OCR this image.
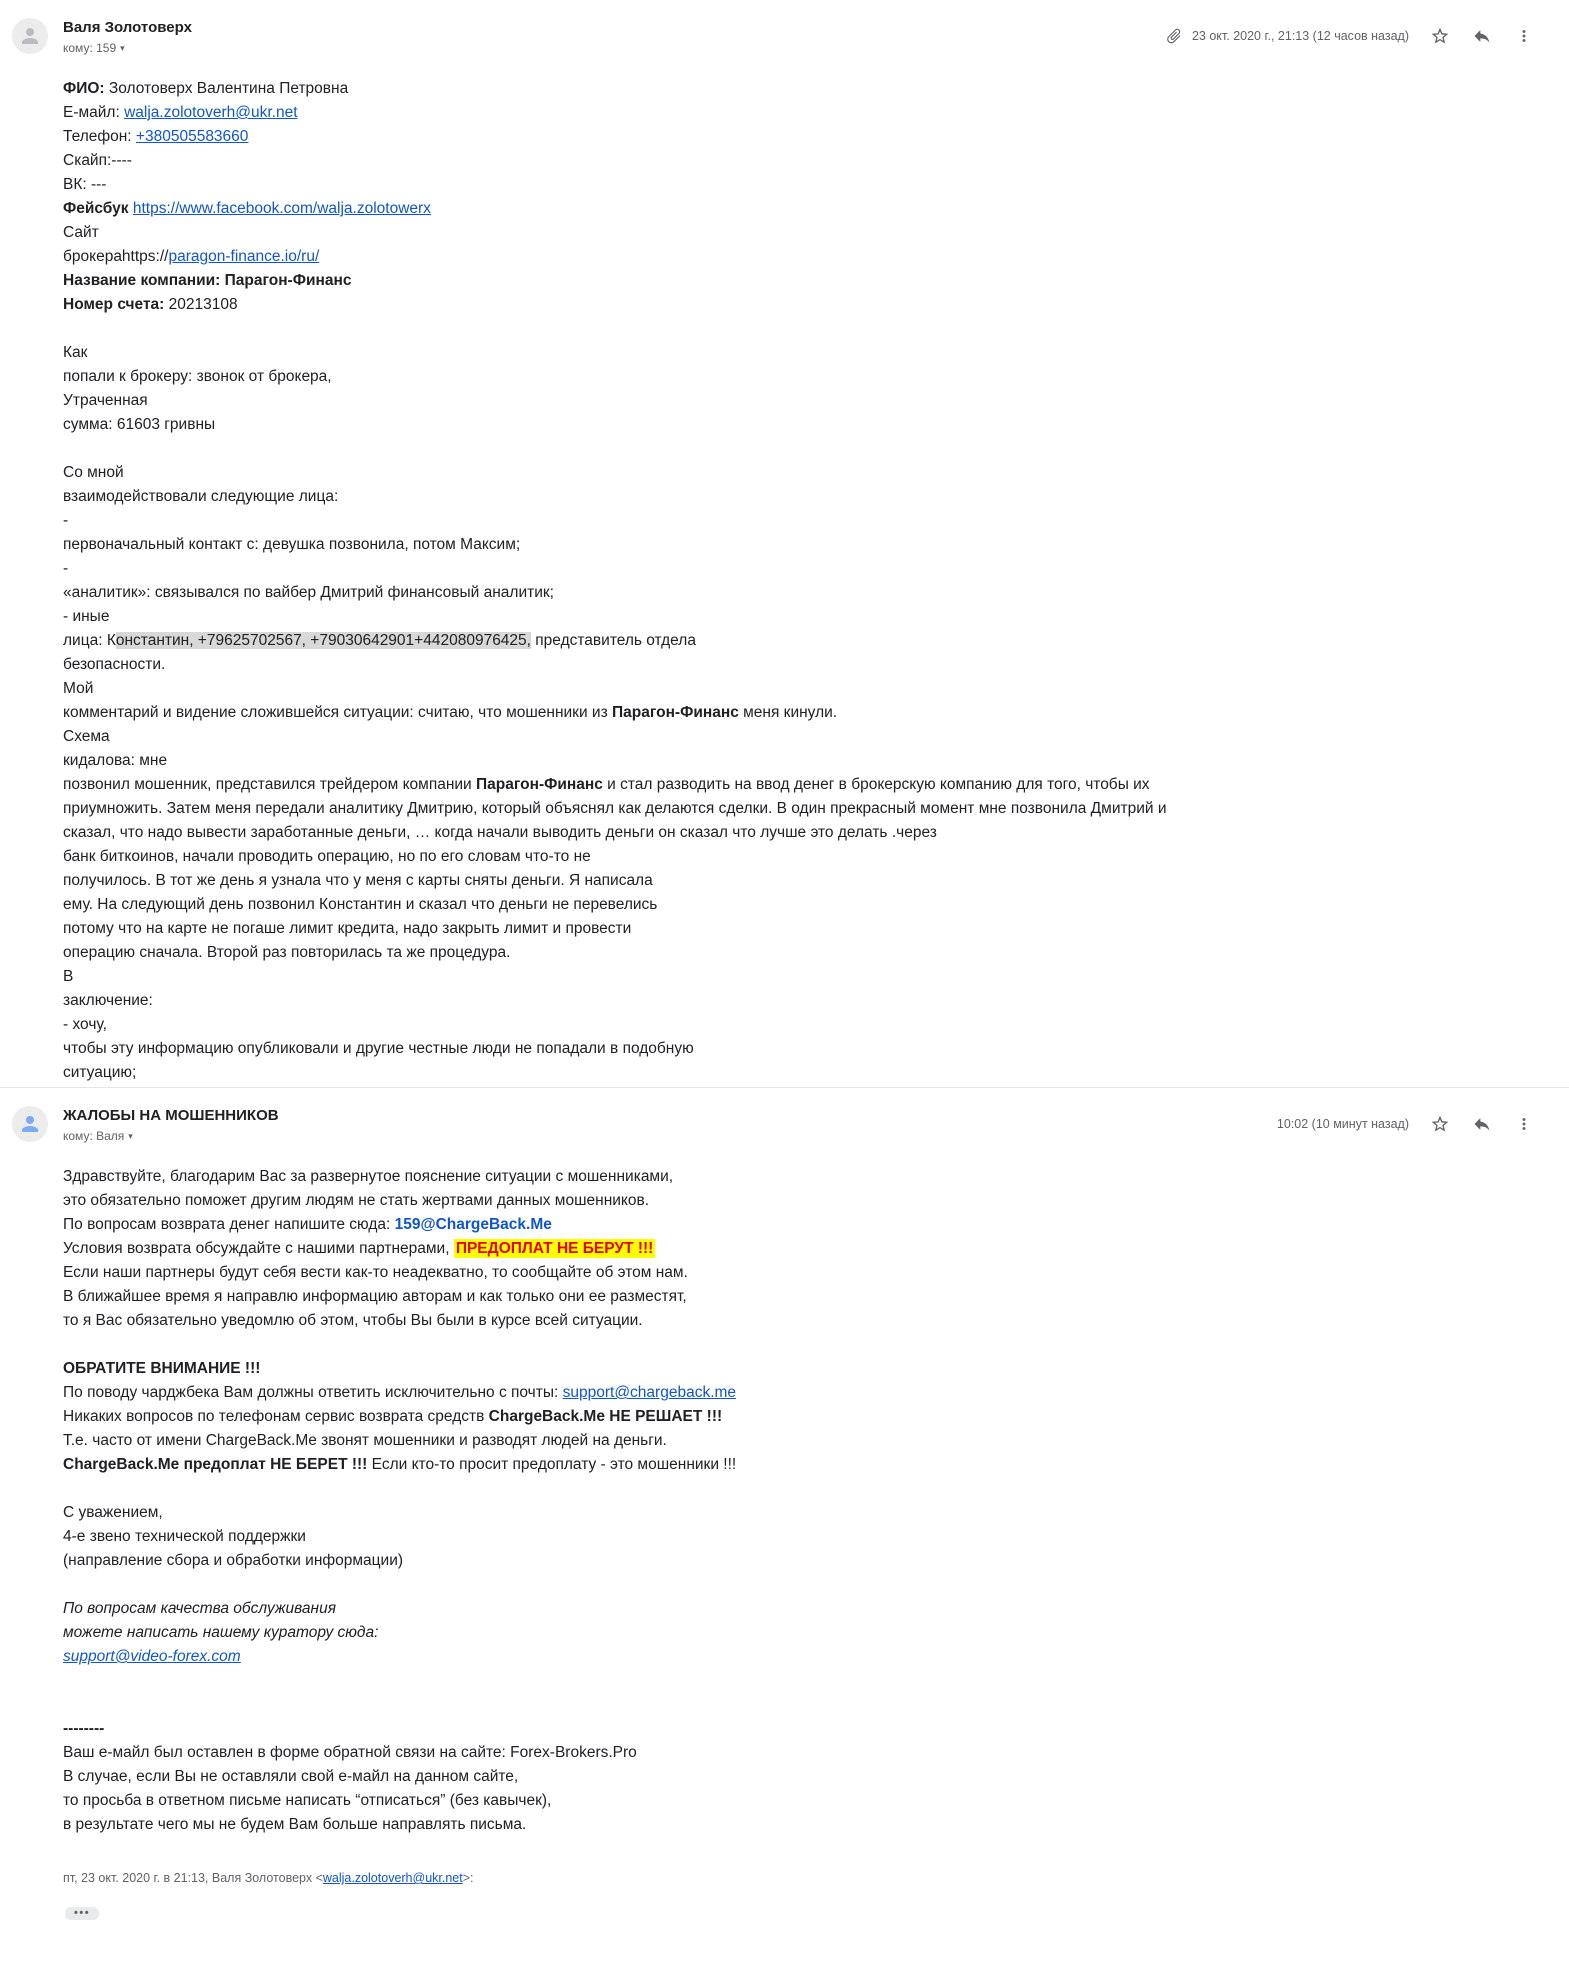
Валя Золотоверх
кому: 159 ▾
23 окт. 2020 г., 21:13 (12 часов назад)
ФИО: Золотоверх Валентина Петровна
Е-майл: walja.zolotoverh@ukr.net
Телефон: +380505583660
Скайп:----
ВК: ---
Фейсбук https://www.facebook.com/walja.zolotowerx
Сайт
брокераhttps://paragon-finance.io/ru/
Название компании: Парагон-Финанс
Номер счета: 20213108

Как
попали к брокеру: звонок от брокера,
Утраченная
сумма: 61603 гривны

Со мной
взаимодействовали следующие лица:
-
первоначальный контакт с: девушка позвонила, потом Максим;
-
«аналитик»: связывался по вайбер Дмитрий финансовый аналитик;
- иные
лица: Константин, +79625702567, +79030642901+442080976425, представитель отдела
безопасности.
Мой
комментарий и видение сложившейся ситуации: считаю, что мошенники из Парагон-Финанс меня кинули.
Схема
кидалова: мне
позвонил мошенник, представился трейдером компании Парагон-Финанс и стал разводить на ввод денег в брокерскую компанию для того, чтобы их
приумножить. Затем меня передали аналитику Дмитрию, который объяснял как делаются сделки. В один прекрасный момент мне позвонила Дмитрий и
сказал, что надо вывести заработанные деньги, … когда начали выводить деньги он сказал что лучше это делать .через
банк биткоинов, начали проводить операцию, но по его словам что-то не
получилось. В тот же день я узнала что у меня с карты сняты деньги. Я написала
ему. На следующий день позвонил Константин и сказал что деньги не перевелись
потому что на карте не погаше лимит кредита, надо закрыть лимит и провести
операцию сначала. Второй раз повторилась та же процедура.
В
заключение:
- хочу,
чтобы эту информацию опубликовали и другие честные люди не попадали в подобную
ситуацию;
ЖАЛОБЫ НА МОШЕННИКОВ
кому: Валя ▾
10:02 (10 минут назад)
Здравствуйте, благодарим Вас за развернутое пояснение ситуации с мошенниками,
это обязательно поможет другим людям не стать жертвами данных мошенников.
По вопросам возврата денег напишите сюда: 159@ChargeBack.Me
Условия возврата обсуждайте с нашими партнерами, ПРЕДОПЛАТ НЕ БЕРУТ !!!
Если наши партнеры будут себя вести как-то неадекватно, то сообщайте об этом нам.
В ближайшее время я направлю информацию авторам и как только они ее разместят,
то я Вас обязательно уведомлю об этом, чтобы Вы были в курсе всей ситуации.

ОБРАТИТЕ ВНИМАНИЕ !!!
По поводу чарджбека Вам должны ответить исключительно с почты: support@chargeback.me
Никаких вопросов по телефонам сервис возврата средств ChargeBack.Me НЕ РЕШАЕТ !!!
Т.е. часто от имени ChargeBack.Me звонят мошенники и разводят людей на деньги.
ChargeBack.Me предоплат НЕ БЕРЕТ !!! Если кто-то просит предоплату - это мошенники !!!

С уважением,
4-е звено технической поддержки
(направление сбора и обработки информации)

По вопросам качества обслуживания
можете написать нашему куратору сюда:
support@video-forex.com

--------
Ваш е-майл был оставлен в форме обратной связи на сайте: Forex-Brokers.Pro
В случае, если Вы не оставляли свой е-майл на данном сайте,
то просьба в ответном письме написать “отписаться” (без кавычек),
в результате чего мы не будем Вам больше направлять письма.
пт, 23 окт. 2020 г. в 21:13, Валя Золотоверх <walja.zolotoverh@ukr.net>:
•••
